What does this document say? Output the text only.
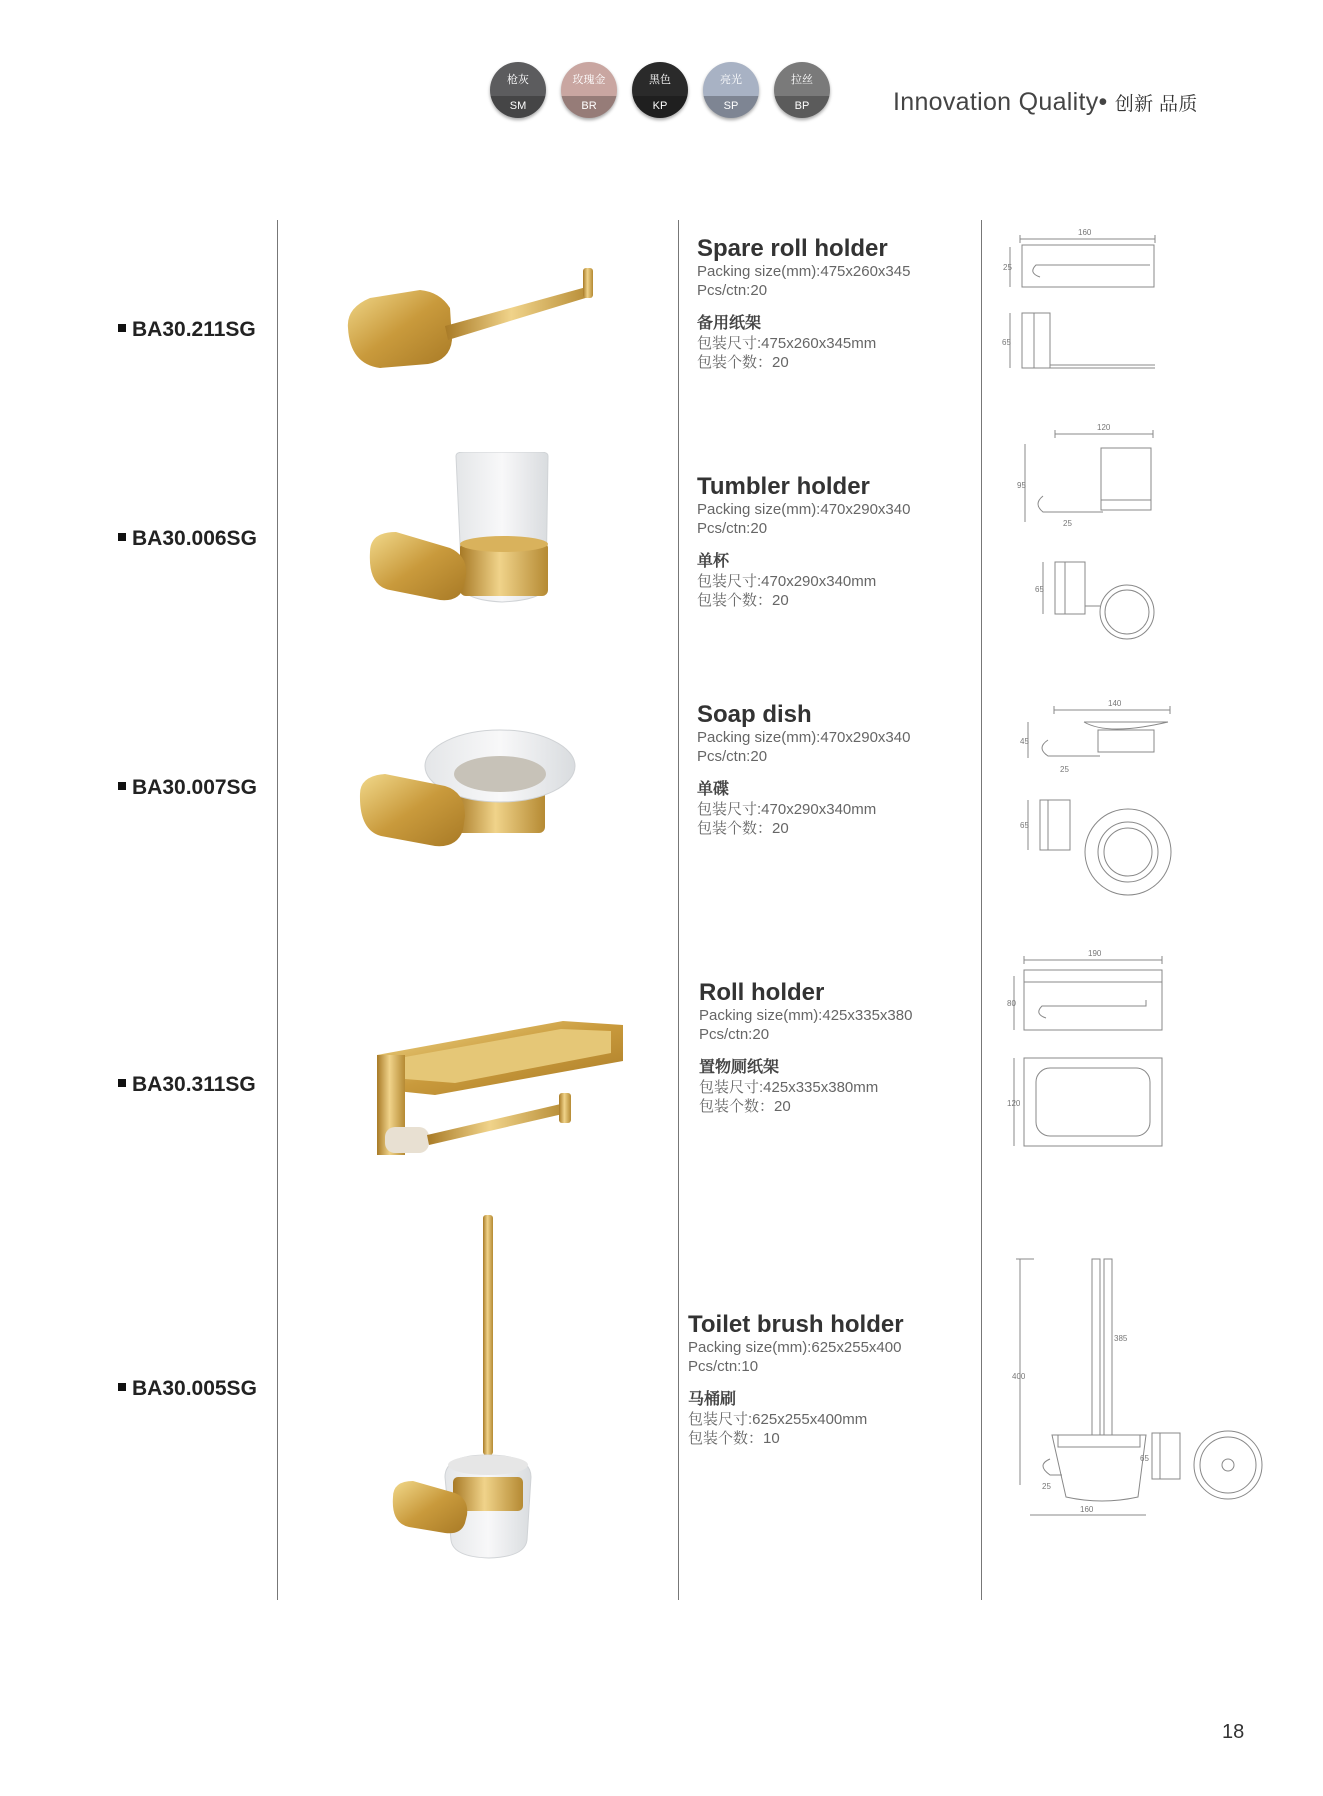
枪灰
SM
玫瑰金
BR
黑色
KP
亮光
SP
拉丝
BP	Innovation Quality• 创新 品质
BA30.211SG
Spare roll holder
Packing size(mm):475x260x345
Pcs/ctn:20
备用纸架
包装尺寸:475x260x345mm
包装个数：20
160
25
65
BA30.006SG
Tumbler holder
Packing size(mm):470x290x340
Pcs/ctn:20
单杯
包装尺寸:470x290x340mm
包装个数：20
120
95
25
65
BA30.007SG
Soap dish
Packing size(mm):470x290x340
Pcs/ctn:20
单碟
包装尺寸:470x290x340mm
包装个数：20
140
45
25
65
BA30.311SG
Roll holder
Packing size(mm):425x335x380
Pcs/ctn:20
置物厕纸架
包装尺寸:425x335x380mm
包装个数：20
190
80
120
BA30.005SG
Toilet brush holder
Packing size(mm):625x255x400
Pcs/ctn:10
马桶刷
包装尺寸:625x255x400mm
包装个数：10
400
385
25
65
160
18
